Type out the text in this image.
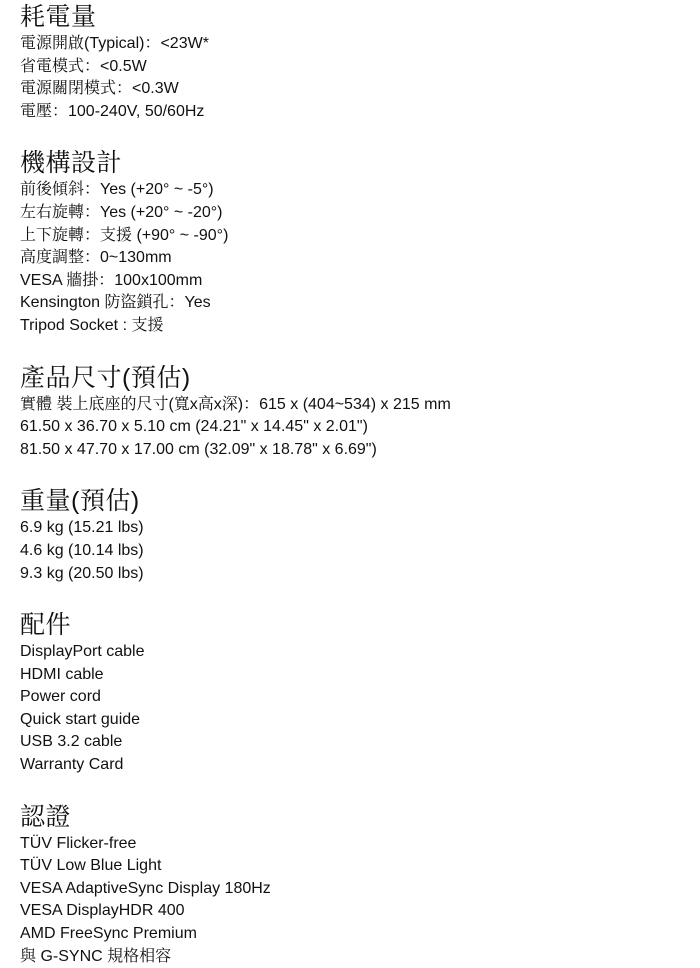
耗電量

電源開啟(Typical)：<23W*

省電模式：<0.5W

電源關閉模式：<0.3W

電壓：100-240V, 50/60Hz

機構設計

前後傾斜：Yes (+20° ~ -5°)

左右旋轉：Yes (+20° ~ -20°)

上下旋轉：支援 (+90° ~ -90°)

高度調整：0~130mm

VESA 牆掛：100x100mm

Kensington 防盜鎖孔：Yes

Tripod Socket : 支援

產品尺寸(預估)

實體 裝上底座的尺寸(寬x高x深)：615 x (404~534) x 215 mm

61.50 x 36.70 x 5.10 cm (24.21" x 14.45" x 2.01")

81.50 x 47.70 x 17.00 cm (32.09" x 18.78" x 6.69")

重量(預估)

6.9 kg (15.21 lbs)

4.6 kg (10.14 lbs)

9.3 kg (20.50 lbs)

配件

DisplayPort cable

HDMI cable

Power cord

Quick start guide

USB 3.2 cable

Warranty Card

認證

TÜV Flicker-free

TÜV Low Blue Light

VESA AdaptiveSync Display 180Hz

VESA DisplayHDR 400

AMD FreeSync Premium

與 G-SYNC 規格相容
